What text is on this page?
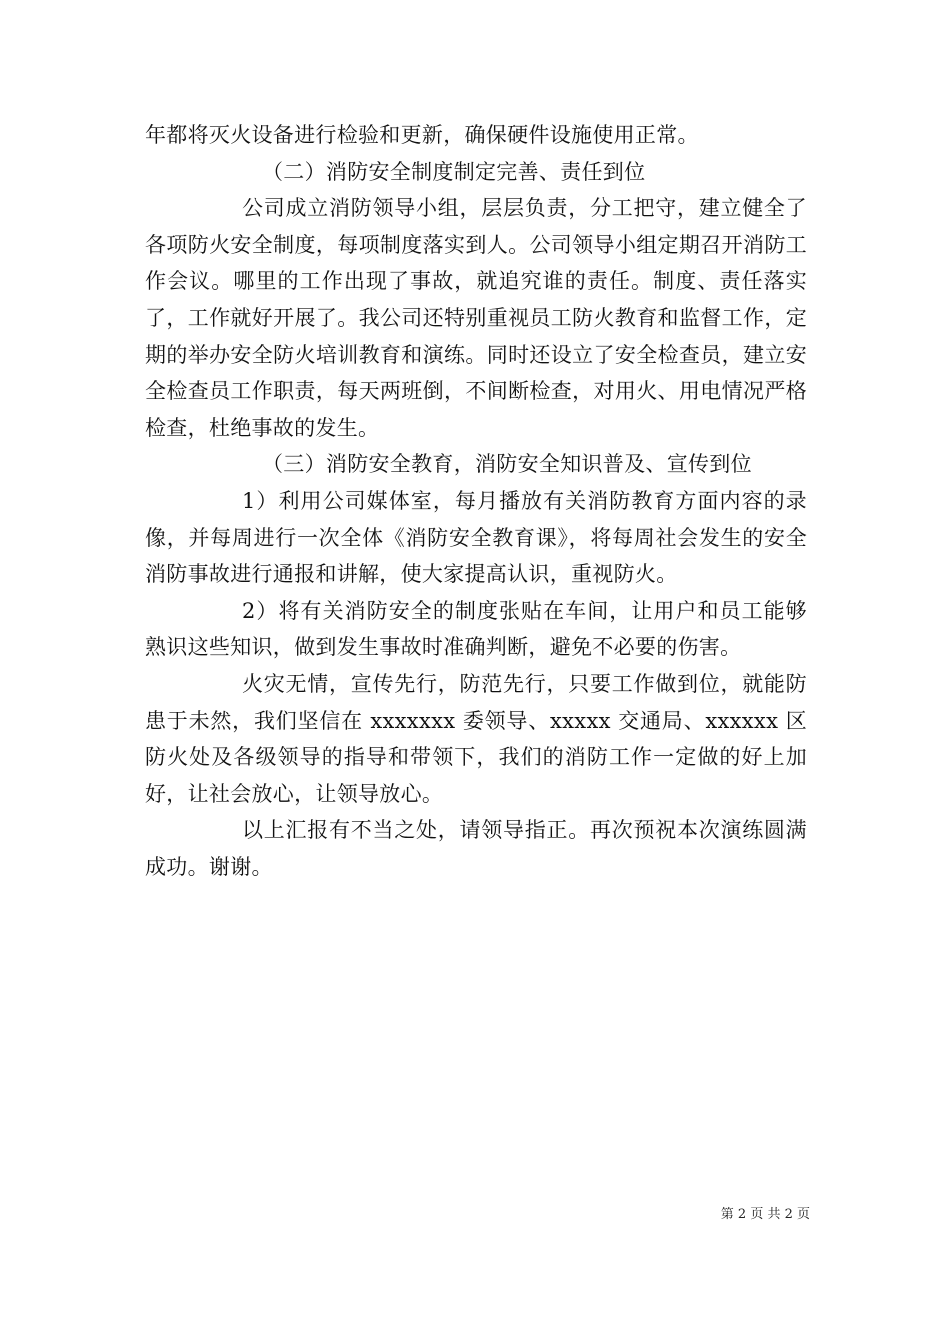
年都将灭火设备进行检验和更新，确保硬件设施使用正常。

（二）消防安全制度制定完善、责任到位

公司成立消防领导小组，层层负责，分工把守，建立健全了各项防火安全制度，每项制度落实到人。公司领导小组定期召开消防工作会议。哪里的工作出现了事故，就追究谁的责任。制度、责任落实了，工作就好开展了。我公司还特别重视员工防火教育和监督工作，定期的举办安全防火培训教育和演练。同时还设立了安全检查员，建立安全检查员工作职责，每天两班倒，不间断检查，对用火、用电情况严格检查，杜绝事故的发生。

（三）消防安全教育，消防安全知识普及、宣传到位

1）利用公司媒体室，每月播放有关消防教育方面内容的录像，并每周进行一次全体《消防安全教育课》，将每周社会发生的安全消防事故进行通报和讲解，使大家提高认识，重视防火。

2）将有关消防安全的制度张贴在车间，让用户和员工能够熟识这些知识，做到发生事故时准确判断，避免不必要的伤害。

火灾无情，宣传先行，防范先行，只要工作做到位，就能防患于未然，我们坚信在 xxxxxxx 委领导、xxxxx 交通局、xxxxxx 区防火处及各级领导的指导和带领下，我们的消防工作一定做的好上加好，让社会放心，让领导放心。

以上汇报有不当之处，请领导指正。再次预祝本次演练圆满成功。谢谢。

第 2 页 共 2 页
